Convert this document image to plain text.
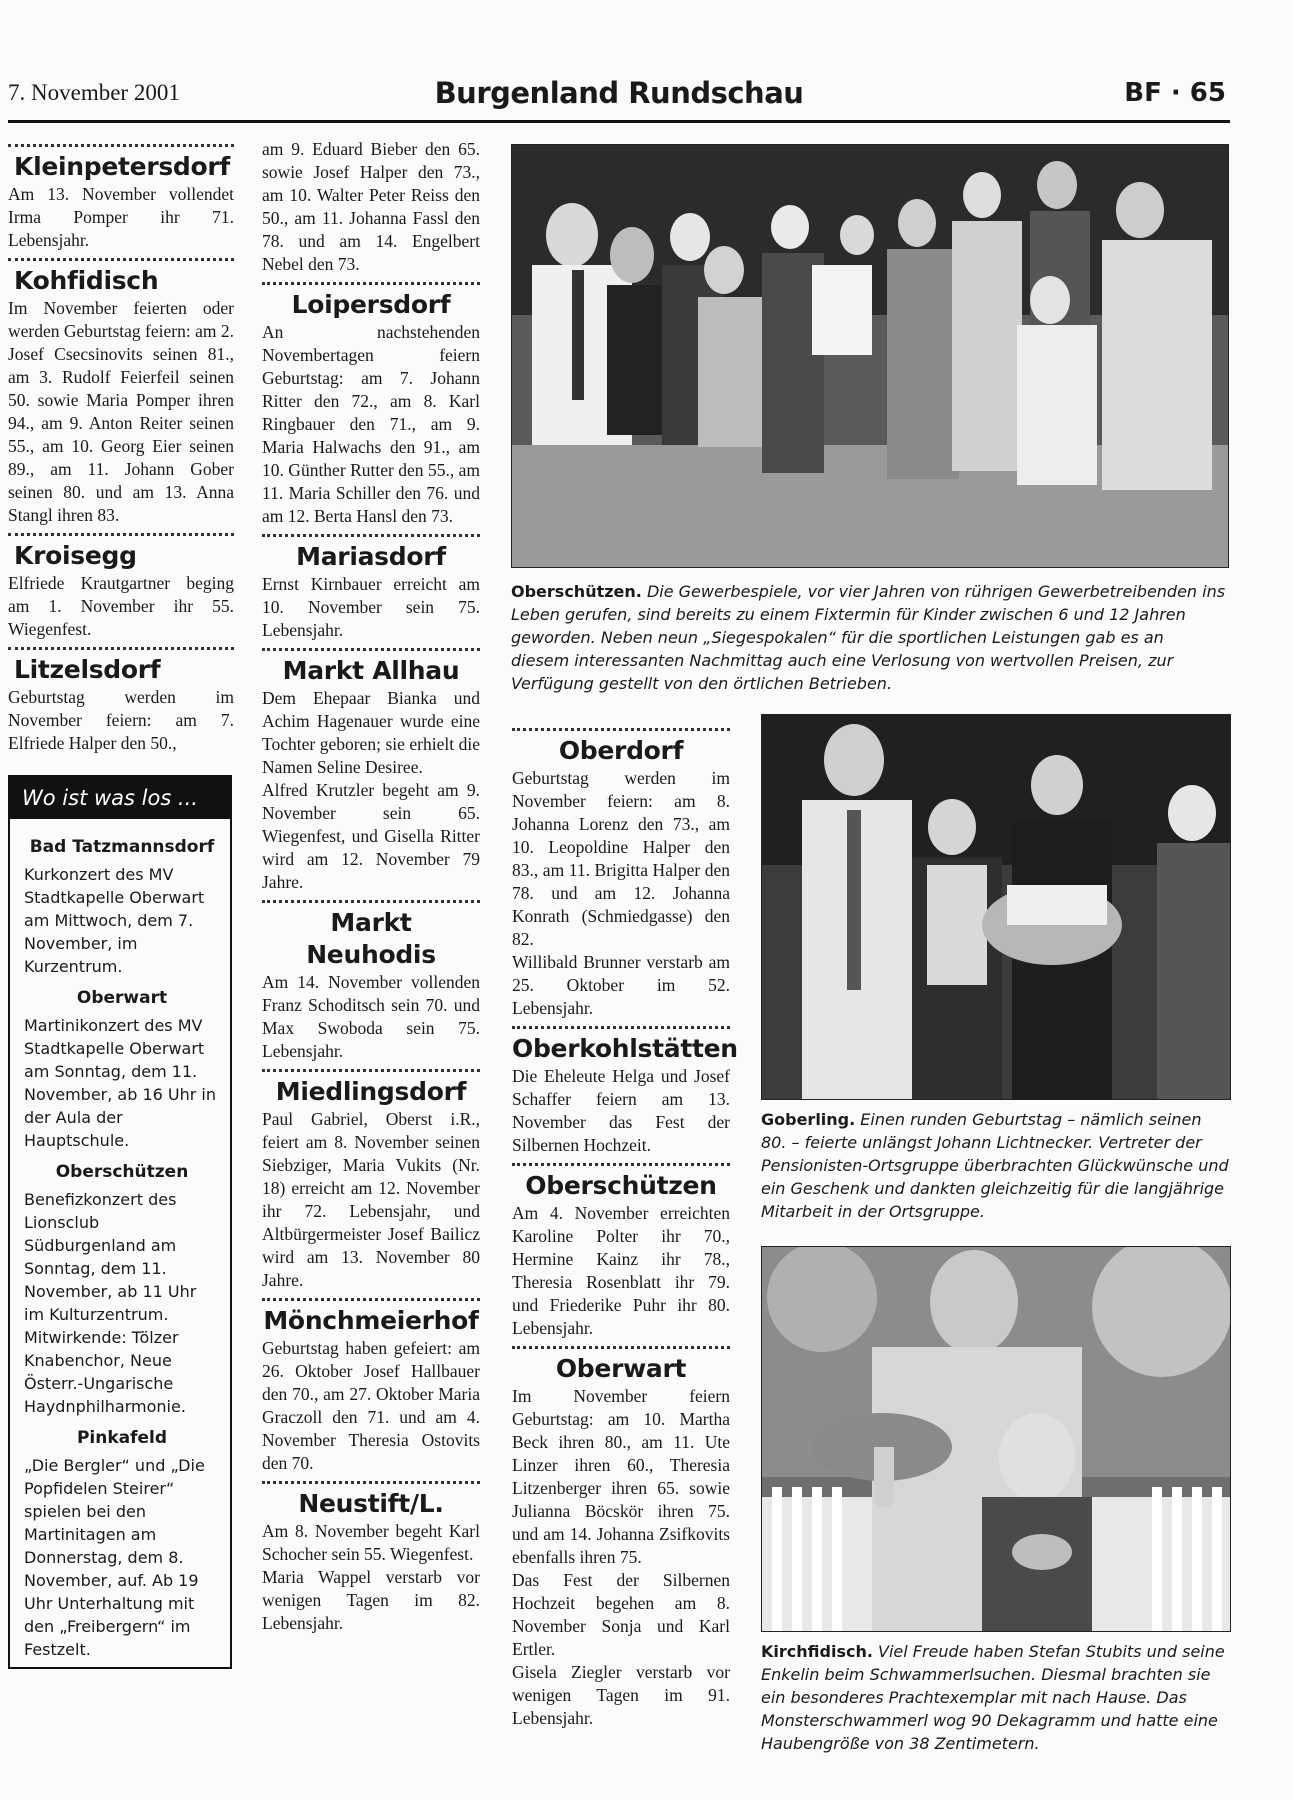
7. November 2001	Burgenland Rundschau	BF · 65
Kleinpetersdorf

Am 13. November vollendet Irma Pomper ihr 71. Lebensjahr.

Kohfidisch

Im November feierten oder werden Geburtstag feiern: am 2. Josef Csecsinovits seinen 81., am 3. Rudolf Feierfeil seinen 50. sowie Maria Pomper ihren 94., am 9. Anton Reiter seinen 55., am 10. Georg Eier seinen 89., am 11. Johann Gober seinen 80. und am 13. Anna Stangl ihren 83.

Kroisegg

Elfriede Krautgartner beging am 1. November ihr 55. Wiegenfest.

Litzelsdorf

Geburtstag werden im November feiern: am 7. Elfriede Halper den 50.,

Wo ist was los ...
Bad Tatzmannsdorf

Kurkonzert des MV Stadtkapelle Oberwart am Mittwoch, dem 7. November, im Kurzentrum.

Oberwart

Martinikonzert des MV Stadtkapelle Oberwart am Sonntag, dem 11. November, ab 16 Uhr in der Aula der Hauptschule.

Oberschützen

Benefizkonzert des Lionsclub Südburgenland am Sonntag, dem 11. November, ab 11 Uhr im Kulturzentrum. Mitwirkende: Tölzer Knabenchor, Neue Österr.-Ungarische Haydnphilharmonie.

Pinkafeld

„Die Bergler“ und „Die Popfidelen Steirer“ spielen bei den Martinitagen am Donnerstag, dem 8. November, auf. Ab 19 Uhr Unterhaltung mit den „Freibergern“ im Festzelt.

am 9. Eduard Bieber den 65. sowie Josef Halper den 73., am 10. Walter Peter Reiss den 50., am 11. Johanna Fassl den 78. und am 14. Engelbert Nebel den 73.

Loipersdorf

An nachstehenden Novembertagen feiern Geburtstag: am 7. Johann Ritter den 72., am 8. Karl Ringbauer den 71., am 9. Maria Halwachs den 91., am 10. Günther Rutter den 55., am 11. Maria Schiller den 76. und am 12. Berta Hansl den 73.

Mariasdorf

Ernst Kirnbauer erreicht am 10. November sein 75. Lebensjahr.

Markt Allhau

Dem Ehepaar Bianka und Achim Hagenauer wurde eine Tochter geboren; sie erhielt die Namen Seline Desiree.

Alfred Krutzler begeht am 9. November sein 65. Wiegenfest, und Gisella Ritter wird am 12. November 79 Jahre.

Markt Neuhodis

Am 14. November vollenden Franz Schoditsch sein 70. und Max Swoboda sein 75. Lebensjahr.

Miedlingsdorf

Paul Gabriel, Oberst i.R., feiert am 8. November seinen Siebziger, Maria Vukits (Nr. 18) erreicht am 12. November ihr 72. Lebensjahr, und Altbürgermeister Josef Bailicz wird am 13. November 80 Jahre.

Mönchmeierhof

Geburtstag haben gefeiert: am 26. Oktober Josef Hallbauer den 70., am 27. Oktober Maria Graczoll den 71. und am 4. November Theresia Ostovits den 70.

Neustift/L.

Am 8. November begeht Karl Schocher sein 55. Wiegenfest.

Maria Wappel verstarb vor wenigen Tagen im 82. Lebensjahr.

Oberdorf

Geburtstag werden im November feiern: am 8. Johanna Lorenz den 73., am 10. Leopoldine Halper den 83., am 11. Brigitta Halper den 78. und am 12. Johanna Konrath (Schmiedgasse) den 82.

Willibald Brunner verstarb am 25. Oktober im 52. Lebensjahr.

Oberkohlstätten

Die Eheleute Helga und Josef Schaffer feiern am 13. November das Fest der Silbernen Hochzeit.

Oberschützen

Am 4. November erreichten Karoline Polter ihr 70., Hermine Kainz ihr 78., Theresia Rosenblatt ihr 79. und Friederike Puhr ihr 80. Lebensjahr.

Oberwart

Im November feiern Geburtstag: am 10. Martha Beck ihren 80., am 11. Ute Linzer ihren 60., Theresia Litzenberger ihren 65. sowie Julianna Böcskör ihren 75. und am 14. Johanna Zsifkovits ebenfalls ihren 75.

Das Fest der Silbernen Hochzeit begehen am 8. November Sonja und Karl Ertler.

Gisela Ziegler verstarb vor wenigen Tagen im 91. Lebensjahr.

Oberschützen. Die Gewerbespiele, vor vier Jahren von rührigen Gewerbetreibenden ins Leben gerufen, sind bereits zu einem Fixtermin für Kinder zwischen 6 und 12 Jahren geworden. Neben neun „Siegespokalen“ für die sportlichen Leistungen gab es an diesem interessanten Nachmittag auch eine Verlosung von wertvollen Preisen, zur Verfügung gestellt von den örtlichen Betrieben.
Goberling. Einen runden Geburtstag – nämlich seinen 80. – feierte unlängst Johann Lichtnecker. Vertreter der Pensionisten-Ortsgruppe überbrachten Glückwünsche und ein Geschenk und dankten gleichzeitig für die langjährige Mitarbeit in der Ortsgruppe.
Kirchfidisch. Viel Freude haben Stefan Stubits und seine Enkelin beim Schwammerlsuchen. Diesmal brachten sie ein besonderes Prachtexemplar mit nach Hause. Das Monsterschwammerl wog 90 Dekagramm und hatte eine Haubengröße von 38 Zentimetern.
